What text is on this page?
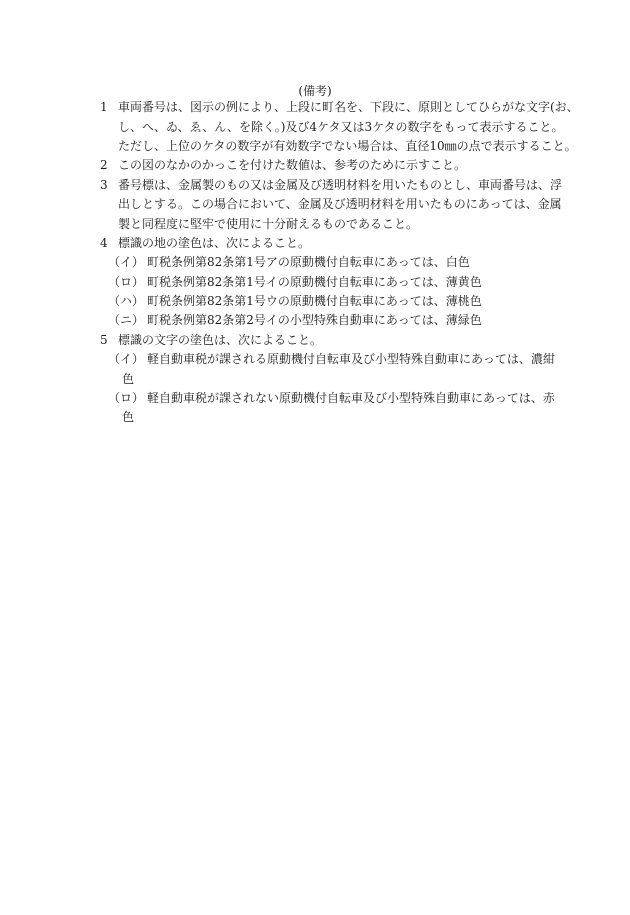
(備考)
1 車両番号は、図示の例により、上段に町名を、下段に、原則としてひらがな文字(お、
し、へ、ゐ、ゑ、ん、を除く。)及び4ケタ又は3ケタの数字をもって表示すること。
ただし、上位のケタの数字が有効数字でない場合は、直径10㎜の点で表示すること。
2 この図のなかのかっこを付けた数値は、参考のために示すこと。
3 番号標は、金属製のもの又は金属及び透明材料を用いたものとし、車両番号は、浮
出しとする。この場合において、金属及び透明材料を用いたものにあっては、金属
製と同程度に堅牢で使用に十分耐えるものであること。
4 標識の地の塗色は、次によること。
（イ） 町税条例第82条第1号アの原動機付自転車にあっては、白色
（ロ） 町税条例第82条第1号イの原動機付自転車にあっては、薄黄色
（ハ） 町税条例第82条第1号ウの原動機付自転車にあっては、薄桃色
（ニ） 町税条例第82条第2号イの小型特殊自動車にあっては、薄緑色
5 標識の文字の塗色は、次によること。
（イ） 軽自動車税が課される原動機付自転車及び小型特殊自動車にあっては、濃紺
色
（ロ） 軽自動車税が課されない原動機付自転車及び小型特殊自動車にあっては、赤
色
